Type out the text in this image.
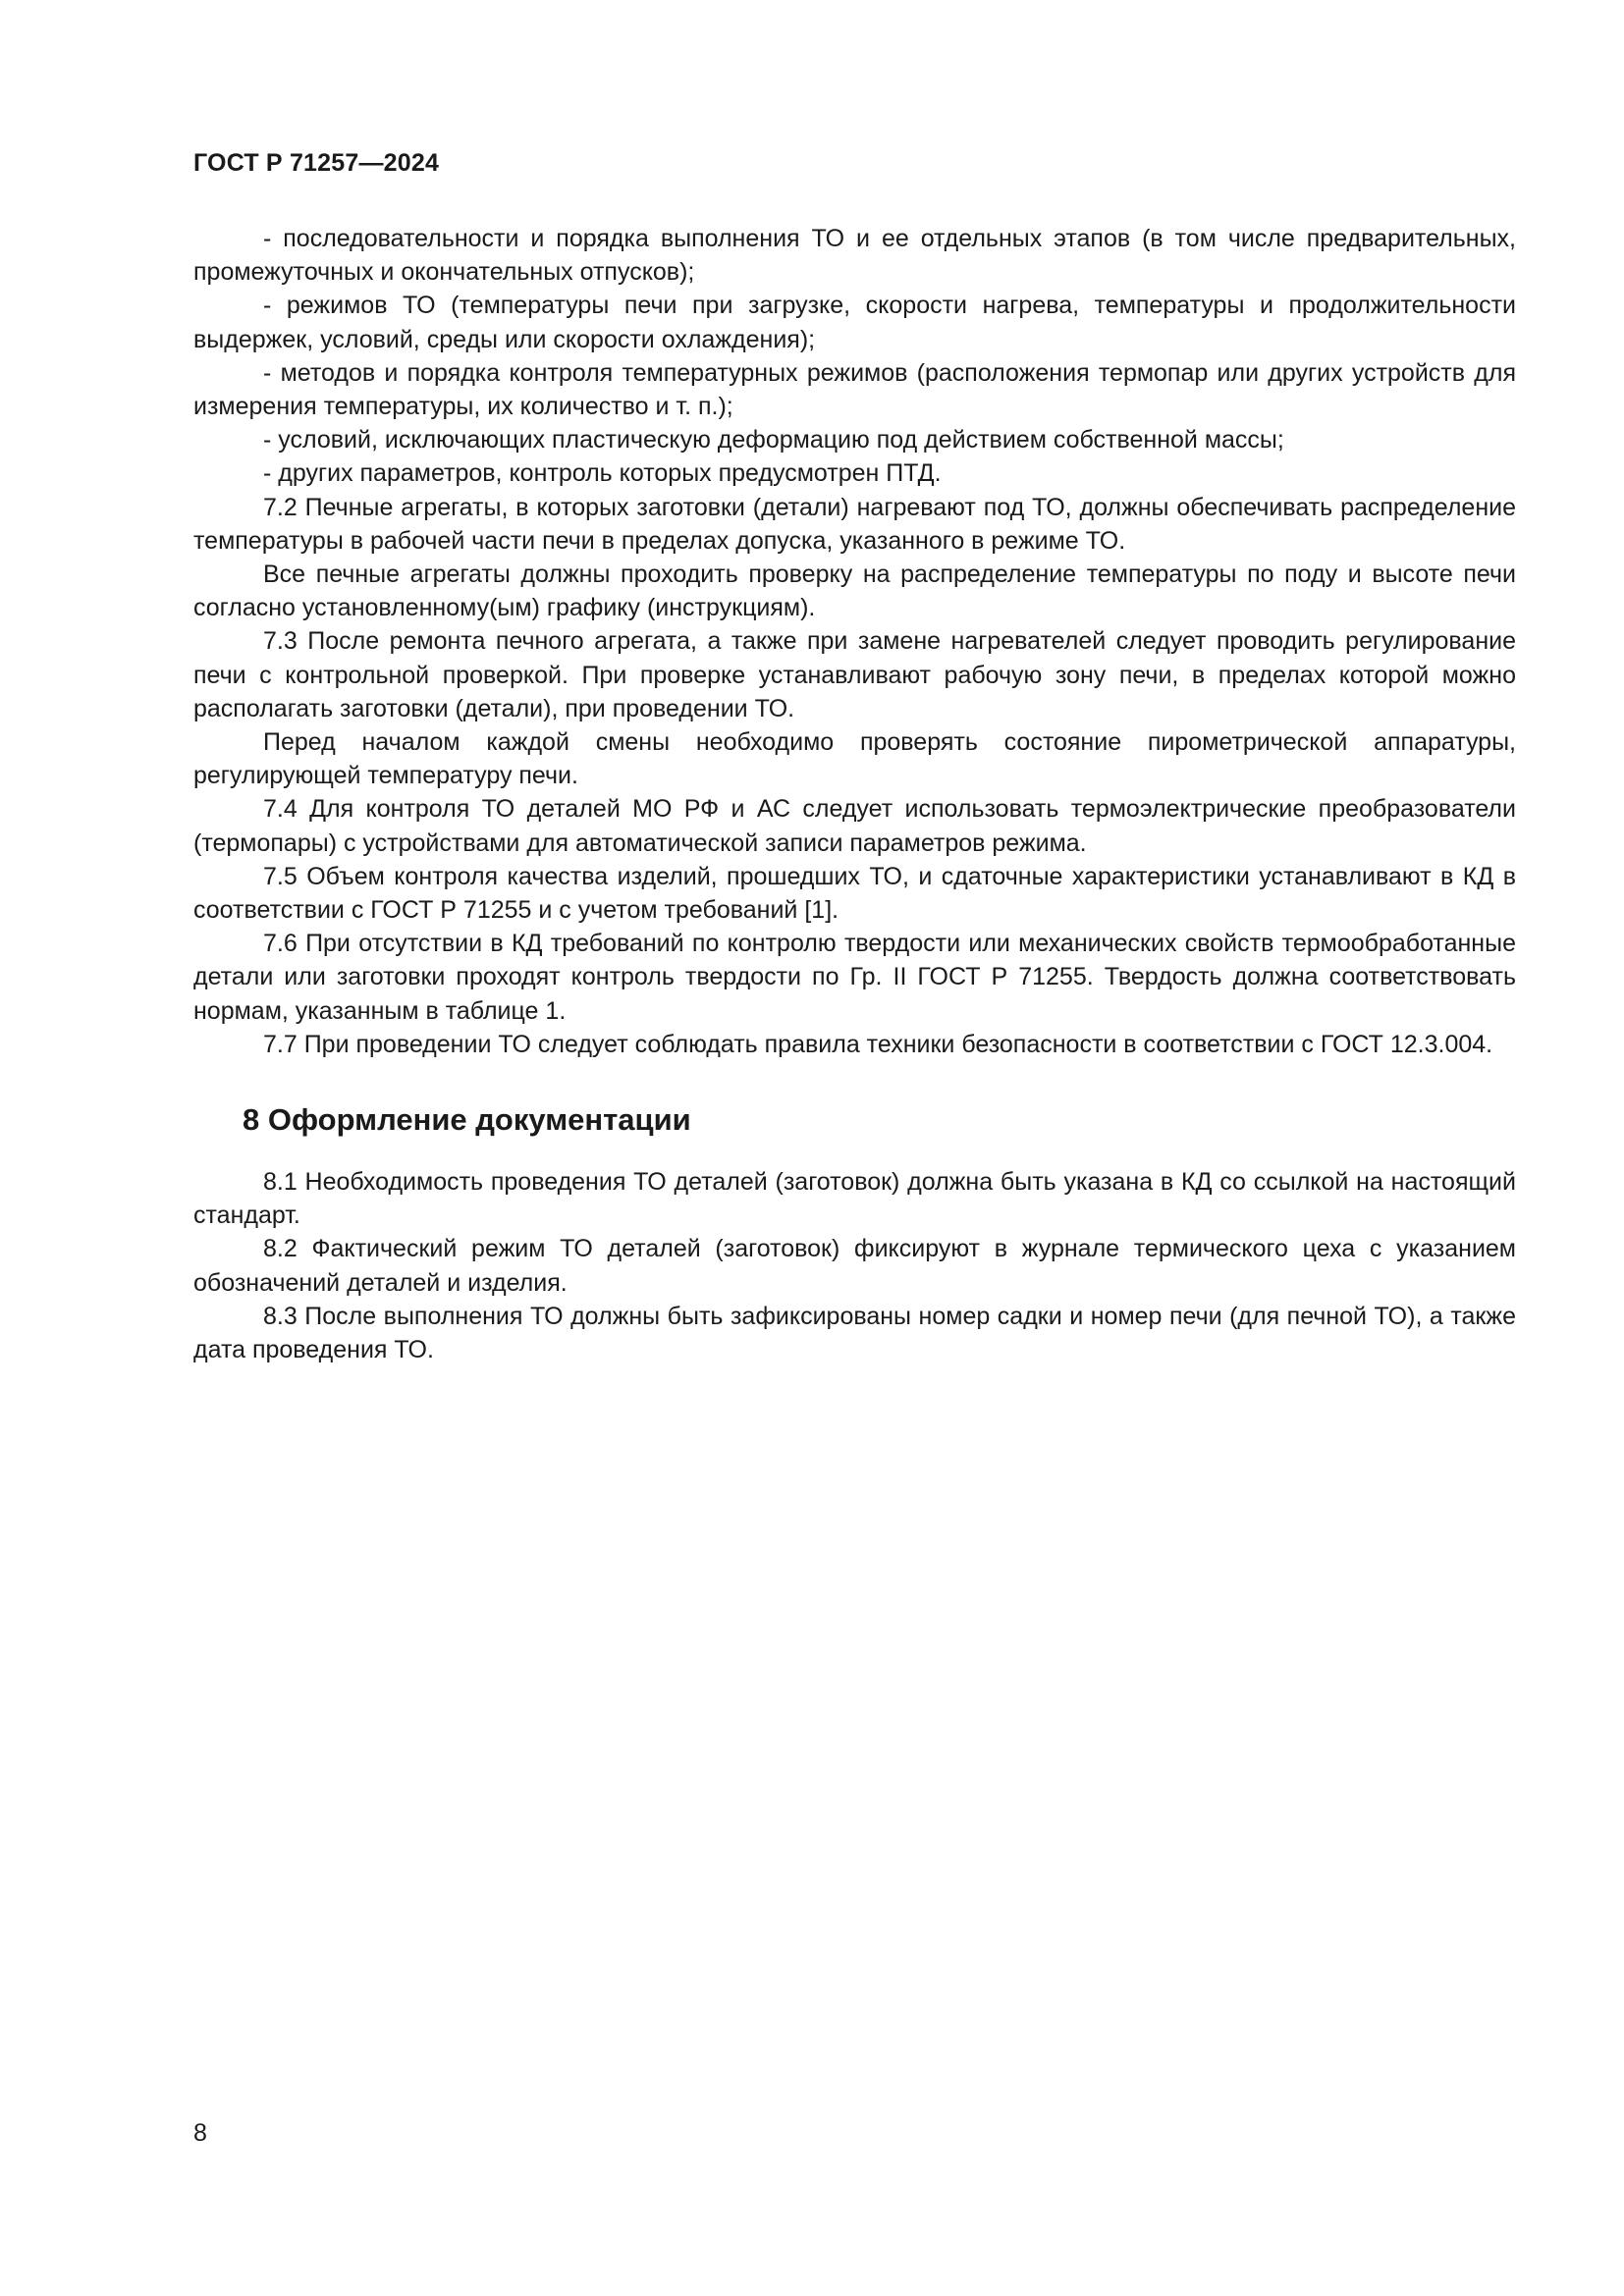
ГОСТ Р 71257—2024

- последовательности и порядка выполнения ТО и ее отдельных этапов (в том числе предварительных, промежуточных и окончательных отпусков);

- режимов ТО (температуры печи при загрузке, скорости нагрева, температуры и продолжительности выдержек, условий, среды или скорости охлаждения);

- методов и порядка контроля температурных режимов (расположения термопар или других устройств для измерения температуры, их количество и т. п.);

- условий, исключающих пластическую деформацию под действием собственной массы;

- других параметров, контроль которых предусмотрен ПТД.

7.2 Печные агрегаты, в которых заготовки (детали) нагревают под ТО, должны обеспечивать распределение температуры в рабочей части печи в пределах допуска, указанного в режиме ТО.

Все печные агрегаты должны проходить проверку на распределение температуры по поду и высоте печи согласно установленному(ым) графику (инструкциям).

7.3 После ремонта печного агрегата, а также при замене нагревателей следует проводить регулирование печи с контрольной проверкой. При проверке устанавливают рабочую зону печи, в пределах которой можно располагать заготовки (детали), при проведении ТО.

Перед началом каждой смены необходимо проверять состояние пирометрической аппаратуры, регулирующей температуру печи.

7.4 Для контроля ТО деталей МО РФ и АС следует использовать термоэлектрические преобразователи (термопары) с устройствами для автоматической записи параметров режима.

7.5 Объем контроля качества изделий, прошедших ТО, и сдаточные характеристики устанавливают в КД в соответствии с ГОСТ Р 71255 и с учетом требований [1].

7.6 При отсутствии в КД требований по контролю твердости или механических свойств термообработанные детали или заготовки проходят контроль твердости по Гр. II ГОСТ Р 71255. Твердость должна соответствовать нормам, указанным в таблице 1.

7.7 При проведении ТО следует соблюдать правила техники безопасности в соответствии с ГОСТ 12.3.004.

8 Оформление документации

8.1 Необходимость проведения ТО деталей (заготовок) должна быть указана в КД со ссылкой на настоящий стандарт.

8.2 Фактический режим ТО деталей (заготовок) фиксируют в журнале термического цеха с указанием обозначений деталей и изделия.

8.3 После выполнения ТО должны быть зафиксированы номер садки и номер печи (для печной ТО), а также дата проведения ТО.

8
